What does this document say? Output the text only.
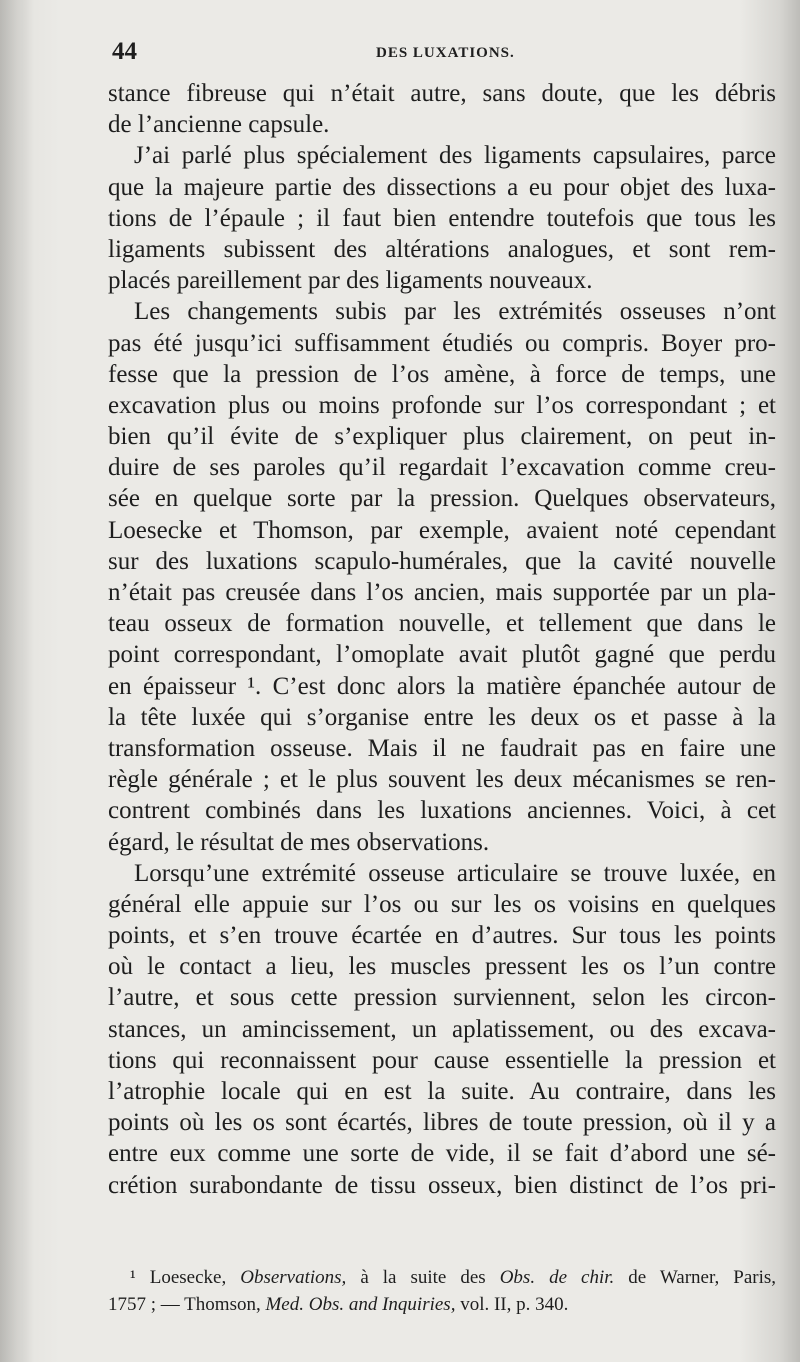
44	DES LUXATIONS.
stance fibreuse qui n’était autre, sans doute, que les débris
de l’ancienne capsule.
J’ai parlé plus spécialement des ligaments capsulaires, parce
que la majeure partie des dissections a eu pour objet des luxa-
tions de l’épaule ; il faut bien entendre toutefois que tous les
ligaments subissent des altérations analogues, et sont rem-
placés pareillement par des ligaments nouveaux.
Les changements subis par les extrémités osseuses n’ont
pas été jusqu’ici suffisamment étudiés ou compris. Boyer pro-
fesse que la pression de l’os amène, à force de temps, une
excavation plus ou moins profonde sur l’os correspondant ; et
bien qu’il évite de s’expliquer plus clairement, on peut in-
duire de ses paroles qu’il regardait l’excavation comme creu-
sée en quelque sorte par la pression. Quelques observateurs,
Loesecke et Thomson, par exemple, avaient noté cependant
sur des luxations scapulo-humérales, que la cavité nouvelle
n’était pas creusée dans l’os ancien, mais supportée par un pla-
teau osseux de formation nouvelle, et tellement que dans le
point correspondant, l’omoplate avait plutôt gagné que perdu
en épaisseur ¹. C’est donc alors la matière épanchée autour de
la tête luxée qui s’organise entre les deux os et passe à la
transformation osseuse. Mais il ne faudrait pas en faire une
règle générale ; et le plus souvent les deux mécanismes se ren-
contrent combinés dans les luxations anciennes. Voici, à cet
égard, le résultat de mes observations.
Lorsqu’une extrémité osseuse articulaire se trouve luxée, en
général elle appuie sur l’os ou sur les os voisins en quelques
points, et s’en trouve écartée en d’autres. Sur tous les points
où le contact a lieu, les muscles pressent les os l’un contre
l’autre, et sous cette pression surviennent, selon les circon-
stances, un amincissement, un aplatissement, ou des excava-
tions qui reconnaissent pour cause essentielle la pression et
l’atrophie locale qui en est la suite. Au contraire, dans les
points où les os sont écartés, libres de toute pression, où il y a
entre eux comme une sorte de vide, il se fait d’abord une sé-
crétion surabondante de tissu osseux, bien distinct de l’os pri-
¹ Loesecke, Observations, à la suite des Obs. de chir. de Warner, Paris,
1757 ; — Thomson, Med. Obs. and Inquiries, vol. II, p. 340.
